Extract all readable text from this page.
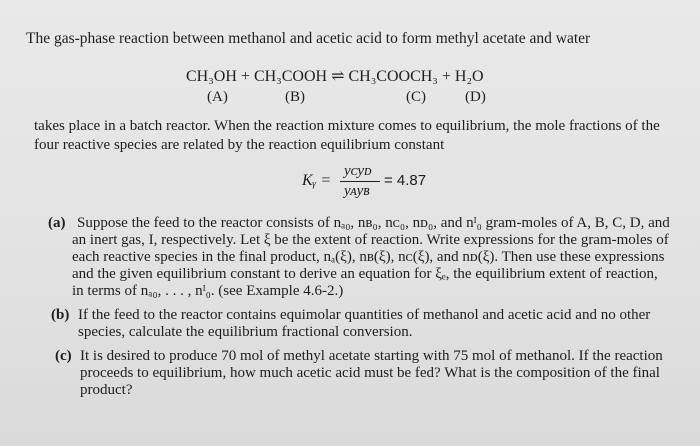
The gas-phase reaction between methanol and acetic acid to form methyl acetate and water
CH₃OH + CH₃COOH ⇌ CH₃COOCH₃ + H₂O
(A)	(B)	(C)	(D)
takes place in a batch reactor. When the reaction mixture comes to equilibrium, the mole fractions of the
four reactive species are related by the reaction equilibrium constant
Kᵧ =
yᴄyᴅ
yᴀyʙ
= 4.87
(a) Suppose the feed to the reactor consists of nₐ₀, nʙ₀, nᴄ₀, nᴅ₀, and nᴵ₀ gram-moles of A, B, C, D, and
an inert gas, I, respectively. Let ξ be the extent of reaction. Write expressions for the gram-moles of
each reactive species in the final product, nₐ(ξ), nʙ(ξ), nᴄ(ξ), and nᴅ(ξ). Then use these expressions
and the given equilibrium constant to derive an equation for ξₑ, the equilibrium extent of reaction,
in terms of nₐ₀, . . . , nᴵ₀. (see Example 4.6-2.)
(b) If the feed to the reactor contains equimolar quantities of methanol and acetic acid and no other
species, calculate the equilibrium fractional conversion.
(c) It is desired to produce 70 mol of methyl acetate starting with 75 mol of methanol. If the reaction
proceeds to equilibrium, how much acetic acid must be fed? What is the composition of the final
product?
